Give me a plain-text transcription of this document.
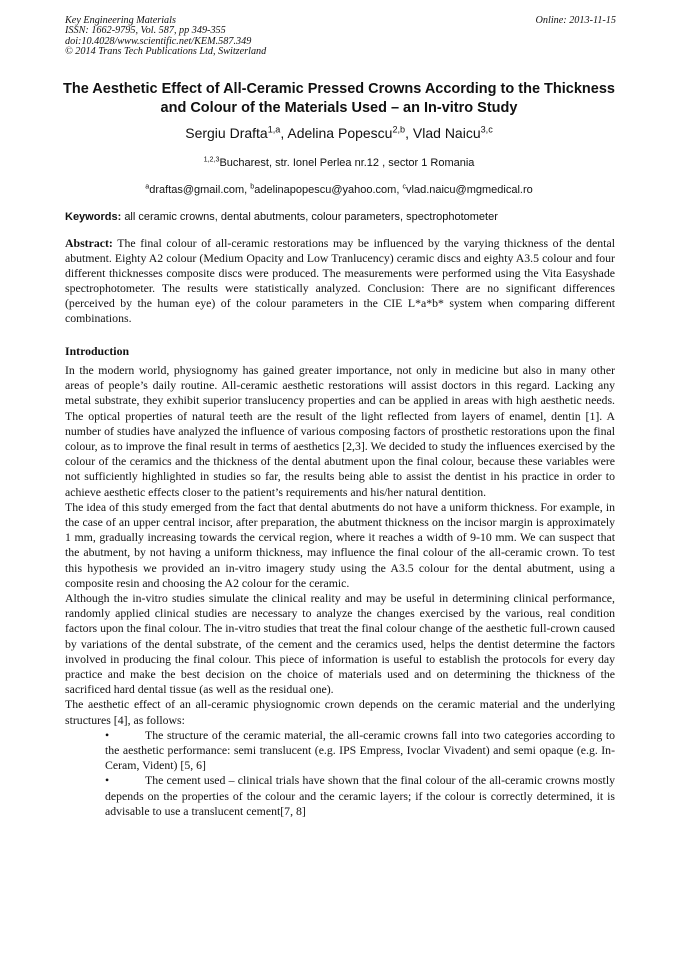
Key Engineering Materials
ISSN: 1662-9795, Vol. 587, pp 349-355
doi:10.4028/www.scientific.net/KEM.587.349
© 2014 Trans Tech Publications Ltd, Switzerland
Online: 2013-11-15
The Aesthetic Effect of All-Ceramic Pressed Crowns According to the Thickness and Colour of the Materials Used – an In-vitro Study
Sergiu Drafta$^{1,a}$, Adelina Popescu$^{2,b}$, Vlad Naicu$^{3,c}$
$^{1,2,3}$Bucharest, str. Ionel Perlea nr.12 , sector 1 Romania
$^a$draftas@gmail.com, $^b$adelinapopescu@yahoo.com, $^c$vlad.naicu@mgmedical.ro
Keywords: all ceramic crowns, dental abutments, colour parameters, spectrophotometer
Abstract: The final colour of all-ceramic restorations may be influenced by the varying thickness of the dental abutment. Eighty A2 colour (Medium Opacity and Low Tranlucency) ceramic discs and eighty A3.5 colour and four different thicknesses composite discs were produced. The measurements were performed using the Vita Easyshade spectrophotometer. The results were statistically analyzed. Conclusion: There are no significant differences (perceived by the human eye) of the colour parameters in the CIE L*a*b* system when comparing different combinations.
Introduction

In the modern world, physiognomy has gained greater importance, not only in medicine but also in many other areas of people’s daily routine. All-ceramic aesthetic restorations will assist doctors in this regard. Lacking any metal substrate, they exhibit superior translucency properties and can be applied in areas with high aesthetic needs. The optical properties of natural teeth are the result of the light reflected from layers of enamel, dentin [1]. A number of studies have analyzed the influence of various composing factors of prosthetic restorations upon the final colour, as to improve the final result in terms of aesthetics [2,3]. We decided to study the influences exercised by the colour of the ceramics and the thickness of the dental abutment upon the final colour, because these variables were not sufficiently highlighted in studies so far, the results being able to assist the dentist in his practice in order to achieve aesthetic effects closer to the patient’s requirements and his/her natural dentition.

The idea of this study emerged from the fact that dental abutments do not have a uniform thickness. For example, in the case of an upper central incisor, after preparation, the abutment thickness on the incisor margin is approximately 1 mm, gradually increasing towards the cervical region, where it reaches a width of 9-10 mm. We can suspect that the abutment, by not having a uniform thickness, may influence the final colour of the all-ceramic crown. To test this hypothesis we provided an in-vitro imagery study using the A3.5 colour for the dental abutment, using a composite resin and choosing the A2 colour for the ceramic.

Although the in-vitro studies simulate the clinical reality and may be useful in determining clinical performance, randomly applied clinical studies are necessary to analyze the changes exercised by the various, real condition factors upon the final colour. The in-vitro studies that treat the final colour change of the aesthetic full-crown caused by variations of the dental substrate, of the cement and the ceramics used, helps the dentist determine the factors involved in producing the final colour. This piece of information is useful to establish the protocols for every day practice and make the best decision on the choice of materials used and on determining the thickness of the sacrificed hard dental tissue (as well as the residual one).

The aesthetic effect of an all-ceramic physiognomic crown depends on the ceramic material and the underlying structures [4], as follows:

•	The structure of the ceramic material, the all-ceramic crowns fall into two categories according to the aesthetic performance: semi translucent (e.g. IPS Empress, Ivoclar Vivadent) and semi opaque (e.g. In-Ceram, Vident) [5, 6]
•	The cement used – clinical trials have shown that the final colour of the all-ceramic crowns mostly depends on the properties of the colour and the ceramic layers; if the colour is correctly determined, it is advisable to use a translucent cement[7, 8]
